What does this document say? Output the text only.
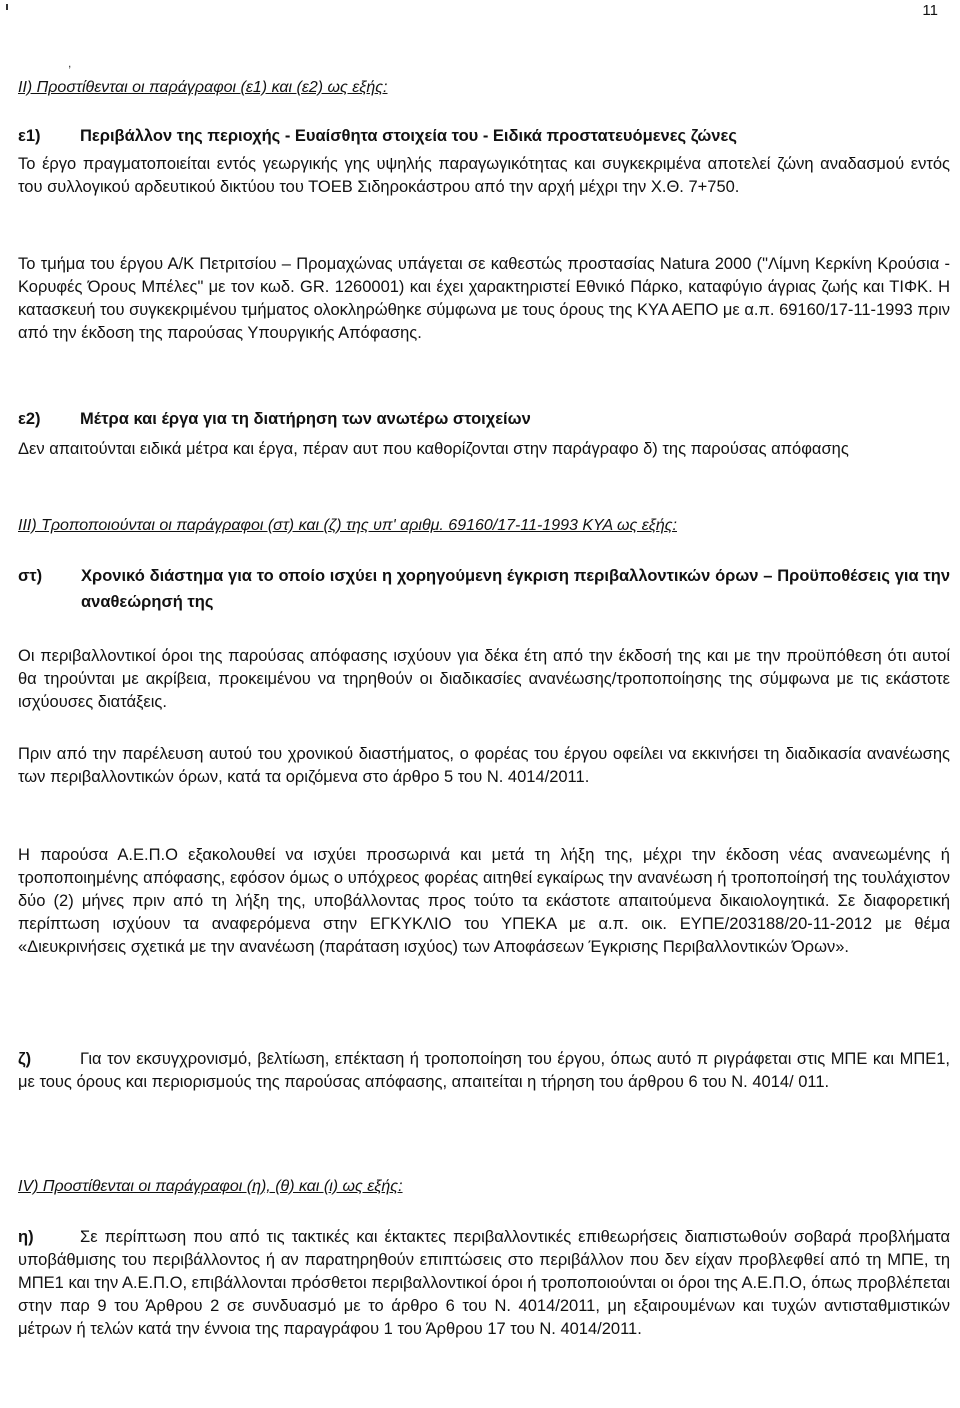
11
,
ΙΙ) Προστίθενται οι παράγραφοι (ε1) και (ε2) ως εξής:
ε1) Περιβάλλον της περιοχής - Ευαίσθητα στοιχεία του - Ειδικά προστατευόμενες ζώνες

Το έργο πραγματοποιείται εντός γεωργικής γης υψηλής παραγωγικότητας και συγκεκριμένα αποτελεί ζώνη αναδασμού εντός του συλλογικού αρδευτικού δικτύου του ΤΟΕΒ Σιδηροκάστρου από την αρχή μέχρι την Χ.Θ. 7+750.

Το τμήμα του έργου Α/Κ Πετριτσίου – Προμαχώνας υπάγεται σε καθεστώς προστασίας Natura 2000 ("Λίμνη Κερκίνη Κρούσια - Κορυφές Όρους Μπέλες" με τον κωδ. GR. 1260001) και έχει χαρακτηριστεί Εθνικό Πάρκο, καταφύγιο άγριας ζωής και ΤΙΦΚ. Η κατασκευή του συγκεκριμένου τμήματος ολοκληρώθηκε σύμφωνα με τους όρους της ΚΥΑ ΑΕΠΟ με α.π. 69160/17-11-1993 πριν από την έκδοση της παρούσας Υπουργικής Απόφασης.

ε2) Μέτρα και έργα για τη διατήρηση των ανωτέρω στοιχείων

Δεν απαιτούνται ειδικά μέτρα και έργα, πέραν αυτ που καθορίζονται στην παράγραφο δ) της παρούσας απόφασης

ΙΙΙ) Τροποποιούνται οι παράγραφοι (στ) και (ζ) της υπ' αριθμ. 69160/17-11-1993 ΚΥΑ ως εξής:
στ) Χρονικό διάστημα για το οποίο ισχύει η χορηγούμενη έγκριση περιβαλλοντικών όρων – Προϋποθέσεις για την αναθεώρησή της

Οι περιβαλλοντικοί όροι της παρούσας απόφασης ισχύουν για δέκα έτη από την έκδοσή της και με την προϋπόθεση ότι αυτοί θα τηρούνται με ακρίβεια, προκειμένου να τηρηθούν οι διαδικασίες ανανέωσης/τροποποίησης της σύμφωνα με τις εκάστοτε ισχύουσες διατάξεις.

Πριν από την παρέλευση αυτού του χρονικού διαστήματος, ο φορέας του έργου οφείλει να εκκινήσει τη διαδικασία ανανέωσης των περιβαλλοντικών όρων, κατά τα οριζόμενα στο άρθρο 5 του Ν. 4014/2011.

Η παρούσα Α.Ε.Π.Ο εξακολουθεί να ισχύει προσωρινά και μετά τη λήξη της, μέχρι την έκδοση νέας ανανεωμένης ή τροποποιημένης απόφασης, εφόσον όμως ο υπόχρεος φορέας αιτηθεί εγκαίρως την ανανέωση ή τροποποίησή της τουλάχιστον δύο (2) μήνες πριν από τη λήξη της, υποβάλλοντας προς τούτο τα εκάστοτε απαιτούμενα δικαιολογητικά. Σε διαφορετική περίπτωση ισχύουν τα αναφερόμενα στην ΕΓΚΥΚΛΙΟ του ΥΠΕΚΑ με α.π. οικ. ΕΥΠΕ/203188/20-11-2012 με θέμα «Διευκρινήσεις σχετικά με την ανανέωση (παράταση ισχύος) των Αποφάσεων Έγκρισης Περιβαλλοντικών Όρων».

ζ)	Για τον εκσυγχρονισμό, βελτίωση, επέκταση ή τροποποίηση του έργου, όπως αυτό π ριγράφεται στις ΜΠΕ και ΜΠΕ1, με τους όρους και περιορισμούς της παρούσας απόφασης, απαιτείται η τήρηση του άρθρου 6 του Ν. 4014/ 011.
ΙV) Προστίθενται οι παράγραφοι (η), (θ) και (ι) ως εξής:
η)	Σε περίπτωση που από τις τακτικές και έκτακτες περιβαλλοντικές επιθεωρήσεις διαπιστωθούν σοβαρά προβλήματα υποβάθμισης του περιβάλλοντος ή αν παρατηρηθούν επιπτώσεις στο περιβάλλον που δεν είχαν προβλεφθεί από τη ΜΠΕ, τη ΜΠΕ1 και την Α.Ε.Π.Ο, επιβάλλονται πρόσθετοι περιβαλλοντικοί όροι ή τροποποιούνται οι όροι της Α.Ε.Π.Ο, όπως προβλέπεται στην παρ 9 του Άρθρου 2 σε συνδυασμό με το άρθρο 6 του Ν. 4014/2011, μη εξαιρουμένων και τυχών αντισταθμιστικών μέτρων ή τελών κατά την έννοια της παραγράφου 1 του Άρθρου 17 του Ν. 4014/2011.
